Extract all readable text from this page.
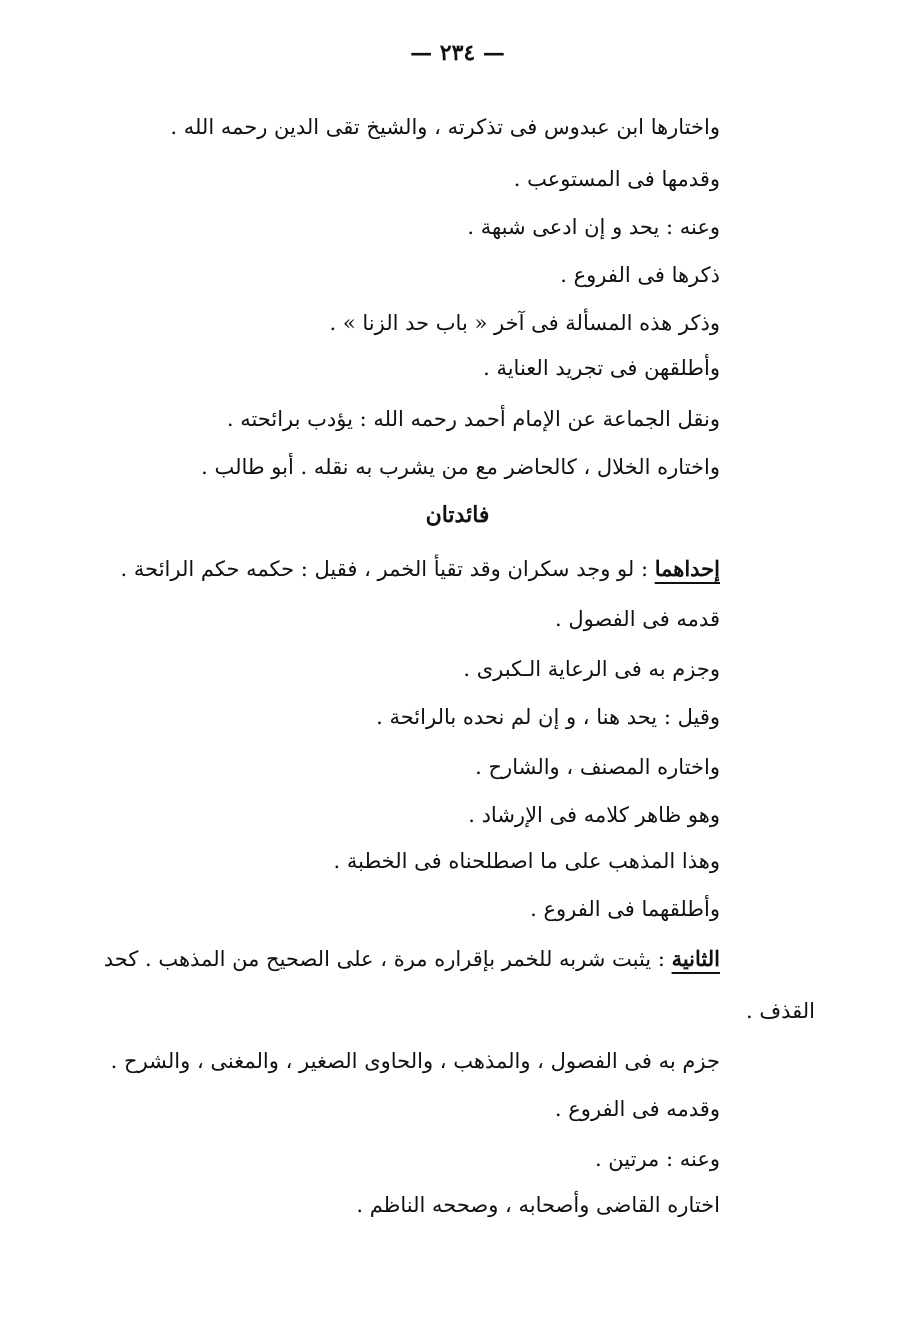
— ٢٣٤ —
واختارها ابن عبدوس فى تذكرته ، والشيخ تقى الدين رحمه الله .
وقدمها فى المستوعب .
وعنه : يحد و إن ادعى شبهة .
ذكرها فى الفروع .
وذكر هذه المسألة فى آخر « باب حد الزنا » .
وأطلقهن فى تجريد العناية .
ونقل الجماعة عن الإمام أحمد رحمه الله : يؤدب برائحته .
واختاره الخلال ، كالحاضر مع من يشرب به نقله . أبو طالب .
فائدتان
إحداهما : لو وجد سكران وقد تقيأ الخمر ، فقيل : حكمه حكم الرائحة .
قدمه فى الفصول .
وجزم به فى الرعاية الـكبرى .
وقيل : يحد هنا ، و إن لم نحده بالرائحة .
واختاره المصنف ، والشارح .
وهو ظاهر كلامه فى الإرشاد .
وهذا المذهب على ما اصطلحناه فى الخطبة .
وأطلقهما فى الفروع .
الثانية : يثبت شربه للخمر بإقراره مرة ، على الصحيح من المذهب . كحد
القذف .
جزم به فى الفصول ، والمذهب ، والحاوى الصغير ، والمغنى ، والشرح .
وقدمه فى الفروع .
وعنه : مرتين .
اختاره القاضى وأصحابه ، وصححه الناظم .
